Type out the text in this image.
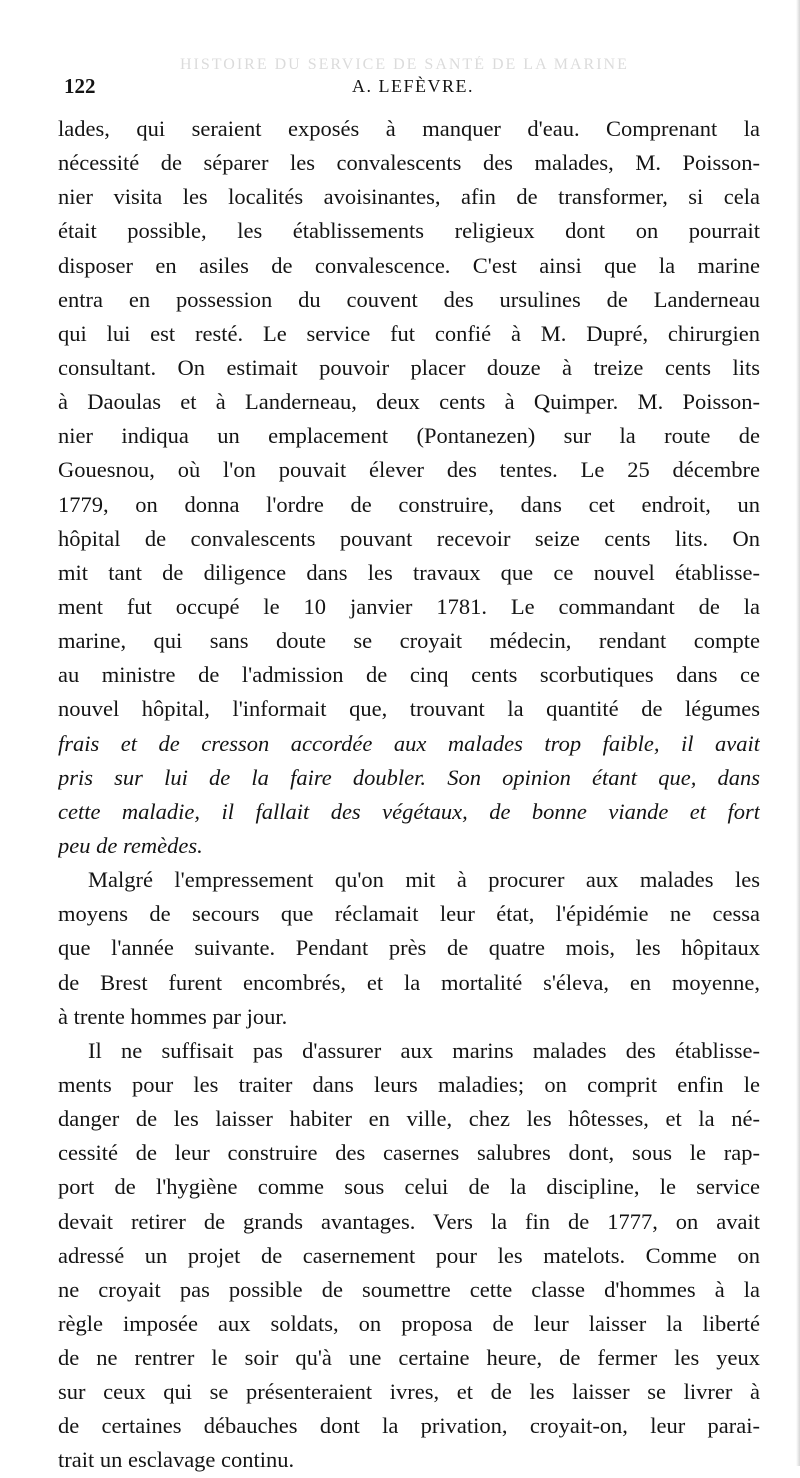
HISTOIRE DU SERVICE DE SANTÉ DE LA MARINE
122	A. LEFÈVRE.
lades, qui seraient exposés à manquer d'eau. Comprenant la
nécessité de séparer les convalescents des malades, M. Poisson-
nier visita les localités avoisinantes, afin de transformer, si cela
était possible, les établissements religieux dont on pourrait
disposer en asiles de convalescence. C'est ainsi que la marine
entra en possession du couvent des ursulines de Landerneau
qui lui est resté. Le service fut confié à M. Dupré, chirurgien
consultant. On estimait pouvoir placer douze à treize cents lits
à Daoulas et à Landerneau, deux cents à Quimper. M. Poisson-
nier indiqua un emplacement (Pontanezen) sur la route de
Gouesnou, où l'on pouvait élever des tentes. Le 25 décembre
1779, on donna l'ordre de construire, dans cet endroit, un
hôpital de convalescents pouvant recevoir seize cents lits. On
mit tant de diligence dans les travaux que ce nouvel établisse-
ment fut occupé le 10 janvier 1781. Le commandant de la
marine, qui sans doute se croyait médecin, rendant compte
au ministre de l'admission de cinq cents scorbutiques dans ce
nouvel hôpital, l'informait que, trouvant la quantité de légumes
frais et de cresson accordée aux malades trop faible, il avait
pris sur lui de la faire doubler. Son opinion étant que, dans
cette maladie, il fallait des végétaux, de bonne viande et fort
peu de remèdes.
Malgré l'empressement qu'on mit à procurer aux malades les
moyens de secours que réclamait leur état, l'épidémie ne cessa
que l'année suivante. Pendant près de quatre mois, les hôpitaux
de Brest furent encombrés, et la mortalité s'éleva, en moyenne,
à trente hommes par jour.
Il ne suffisait pas d'assurer aux marins malades des établisse-
ments pour les traiter dans leurs maladies; on comprit enfin le
danger de les laisser habiter en ville, chez les hôtesses, et la né-
cessité de leur construire des casernes salubres dont, sous le rap-
port de l'hygiène comme sous celui de la discipline, le service
devait retirer de grands avantages. Vers la fin de 1777, on avait
adressé un projet de casernement pour les matelots. Comme on
ne croyait pas possible de soumettre cette classe d'hommes à la
règle imposée aux soldats, on proposa de leur laisser la liberté
de ne rentrer le soir qu'à une certaine heure, de fermer les yeux
sur ceux qui se présenteraient ivres, et de les laisser se livrer à
de certaines débauches dont la privation, croyait-on, leur parai-
trait un esclavage continu.
